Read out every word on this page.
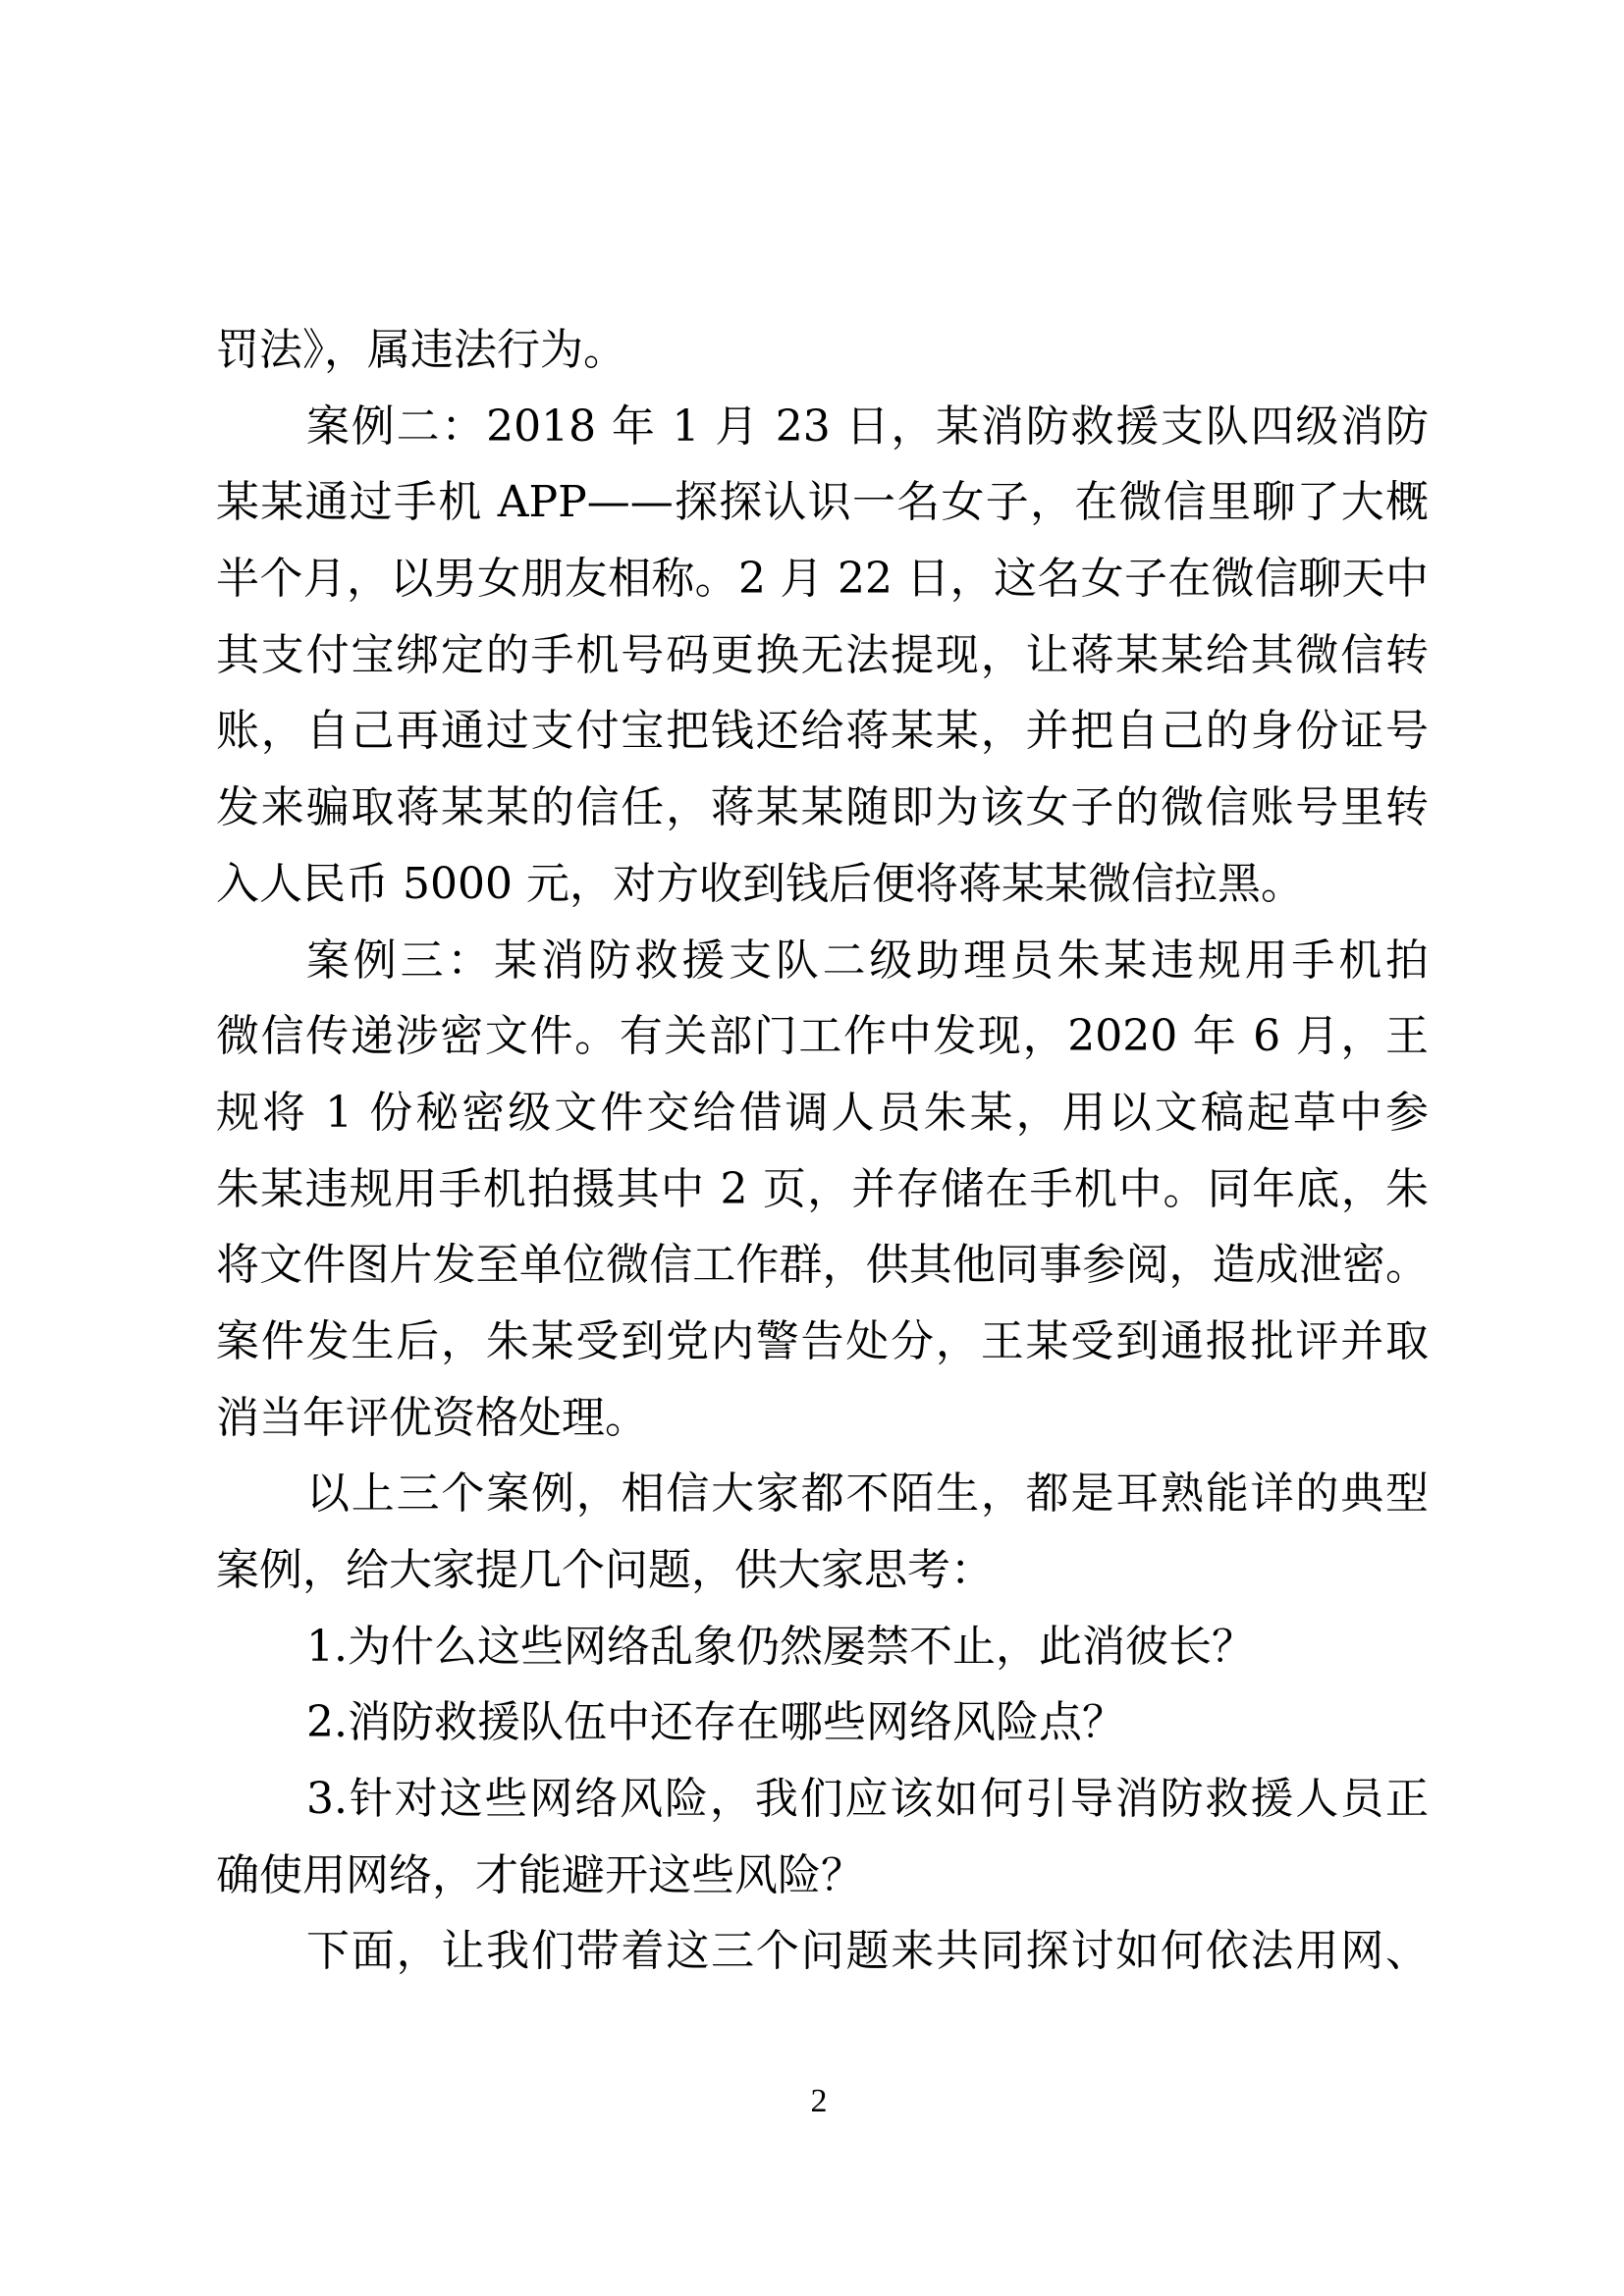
罚法》，属违法行为。
案例二：2018 年 1 月 23 日，某消防救援支队四级消防
某某通过手机 APP——探探认识一名女子，在微信里聊了大概
半个月，以男女朋友相称。2 月 22 日，这名女子在微信聊天中
其支付宝绑定的手机号码更换无法提现，让蒋某某给其微信转
账，自己再通过支付宝把钱还给蒋某某，并把自己的身份证号
发来骗取蒋某某的信任，蒋某某随即为该女子的微信账号里转
入人民币 5000 元，对方收到钱后便将蒋某某微信拉黑。
案例三：某消防救援支队二级助理员朱某违规用手机拍
微信传递涉密文件。有关部门工作中发现，2020 年 6 月，王
规将 1 份秘密级文件交给借调人员朱某，用以文稿起草中参
朱某违规用手机拍摄其中 2 页，并存储在手机中。同年底，朱
将文件图片发至单位微信工作群，供其他同事参阅，造成泄密。
案件发生后，朱某受到党内警告处分，王某受到通报批评并取
消当年评优资格处理。
以上三个案例，相信大家都不陌生，都是耳熟能详的典型
案例，给大家提几个问题，供大家思考：
1.为什么这些网络乱象仍然屡禁不止，此消彼长？
2.消防救援队伍中还存在哪些网络风险点？
3.针对这些网络风险，我们应该如何引导消防救援人员正
确使用网络，才能避开这些风险？
下面，让我们带着这三个问题来共同探讨如何依法用网、
2
